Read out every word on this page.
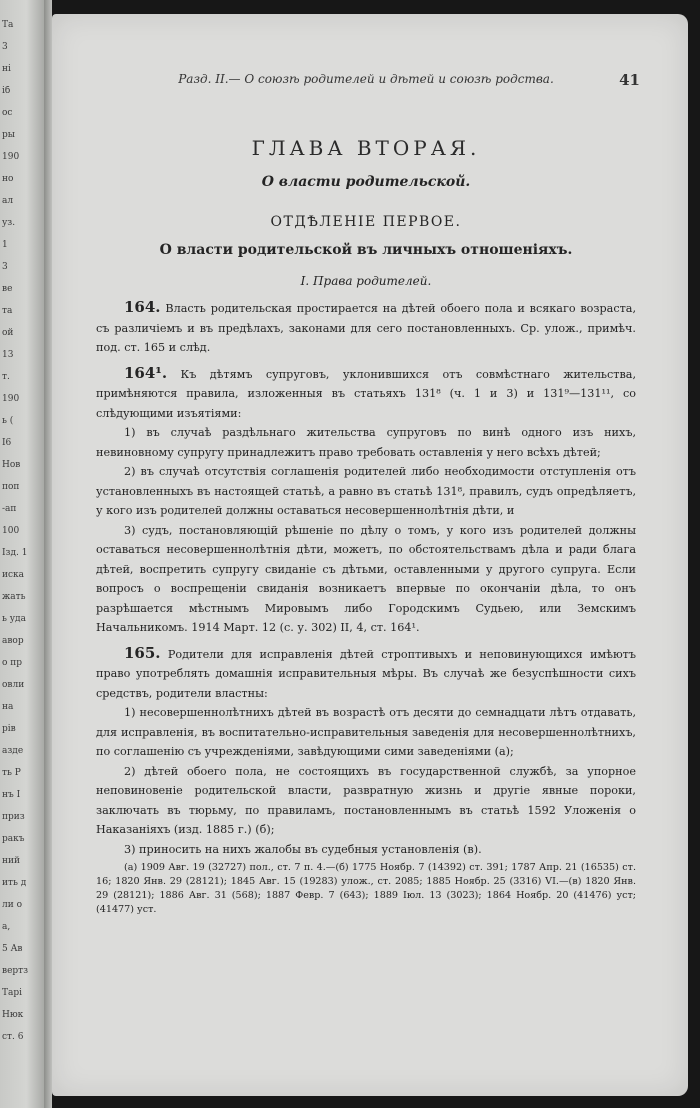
Та
3
ні
іб
ос
ры
190
но
ал
уз.
1
3
ве
та
ой
13
т.
190
ь (
I6
Нов
поп
-ап
100
Ізд. 1
иска
жать
ь уда
авор
о пр
овли
на
рів
азде
ть Р
нъ І
приз
ракъ
ний
ить д
ли о
а,
5 Ав
вертз
Тарі
Нюк
ст. 6
Разд. II.— О союзѣ родителей и дѣтей и союзѣ родства.	41
ГЛАВА ВТОРАЯ.
О власти родительской.
ОТДѢЛЕНІЕ ПЕРВОЕ.
О власти родительской въ личныхъ отношеніяхъ.
I. Права родителей.

164. Власть родительская простирается на дѣтей обоего пола и всякаго возраста, съ различіемъ и въ предѣлахъ, законами для сего постановленныхъ. Ср. улож., примѣч. под. ст. 165 и слѣд.

164¹. Къ дѣтямъ супруговъ, уклонившихся отъ совмѣстнаго жительства, примѣняются правила, изложенныя въ статьяхъ 131⁸ (ч. 1 и 3) и 131⁹—131¹¹, со слѣдующими изъятіями:

1) въ случаѣ раздѣльнаго жительства супруговъ по винѣ одного изъ нихъ, невиновному супругу принадлежитъ право требовать оставленія у него всѣхъ дѣтей;

2) въ случаѣ отсутствія соглашенія родителей либо необходимости отступленія отъ установленныхъ въ настоящей статьѣ, а равно въ статьѣ 131⁸, правилъ, судъ опредѣляетъ, у кого изъ родителей должны оставаться несовершеннолѣтнія дѣти, и

3) судъ, постановляющій рѣшеніе по дѣлу о томъ, у кого изъ родителей должны оставаться несовершеннолѣтнія дѣти, можетъ, по обстоятельствамъ дѣла и ради блага дѣтей, воспретить супругу свиданіе съ дѣтьми, оставленными у другого супруга. Если вопросъ о воспрещеніи свиданія возникаетъ впервые по окончаніи дѣла, то онъ разрѣшается мѣстнымъ Мировымъ либо Городскимъ Судьею, или Земскимъ Начальникомъ. 1914 Март. 12 (с. у. 302) II, 4, ст. 164¹.

165. Родители для исправленія дѣтей строптивыхъ и неповинующихся имѣютъ право употреблять домашнія исправительныя мѣры. Въ случаѣ же безуспѣшности сихъ средствъ, родители властны:

1) несовершеннолѣтнихъ дѣтей въ возрастѣ отъ десяти до семнадцати лѣтъ отдавать, для исправленія, въ воспитательно-исправительныя заведенія для несовершеннолѣтнихъ, по соглашенію съ учрежденіями, завѣдующими сими заведеніями (а);

2) дѣтей обоего пола, не состоящихъ въ государственной службѣ, за упорное неповиновеніе родительской власти, развратную жизнь и другіе явные пороки, заключать въ тюрьму, по правиламъ, постановленнымъ въ статьѣ 1592 Уложенія о Наказаніяхъ (изд. 1885 г.) (б);

3) приносить на нихъ жалобы въ судебныя установленія (в).

(а) 1909 Авг. 19 (32727) пол., ст. 7 п. 4.—(б) 1775 Ноябр. 7 (14392) ст. 391; 1787 Апр. 21 (16535) ст. 16; 1820 Янв. 29 (28121); 1845 Авг. 15 (19283) улож., ст. 2085; 1885 Ноябр. 25 (3316) VI.—(в) 1820 Янв. 29 (28121); 1886 Авг. 31 (568); 1887 Февр. 7 (643); 1889 Іюл. 13 (3023); 1864 Ноябр. 20 (41476) уст; (41477) уст.
